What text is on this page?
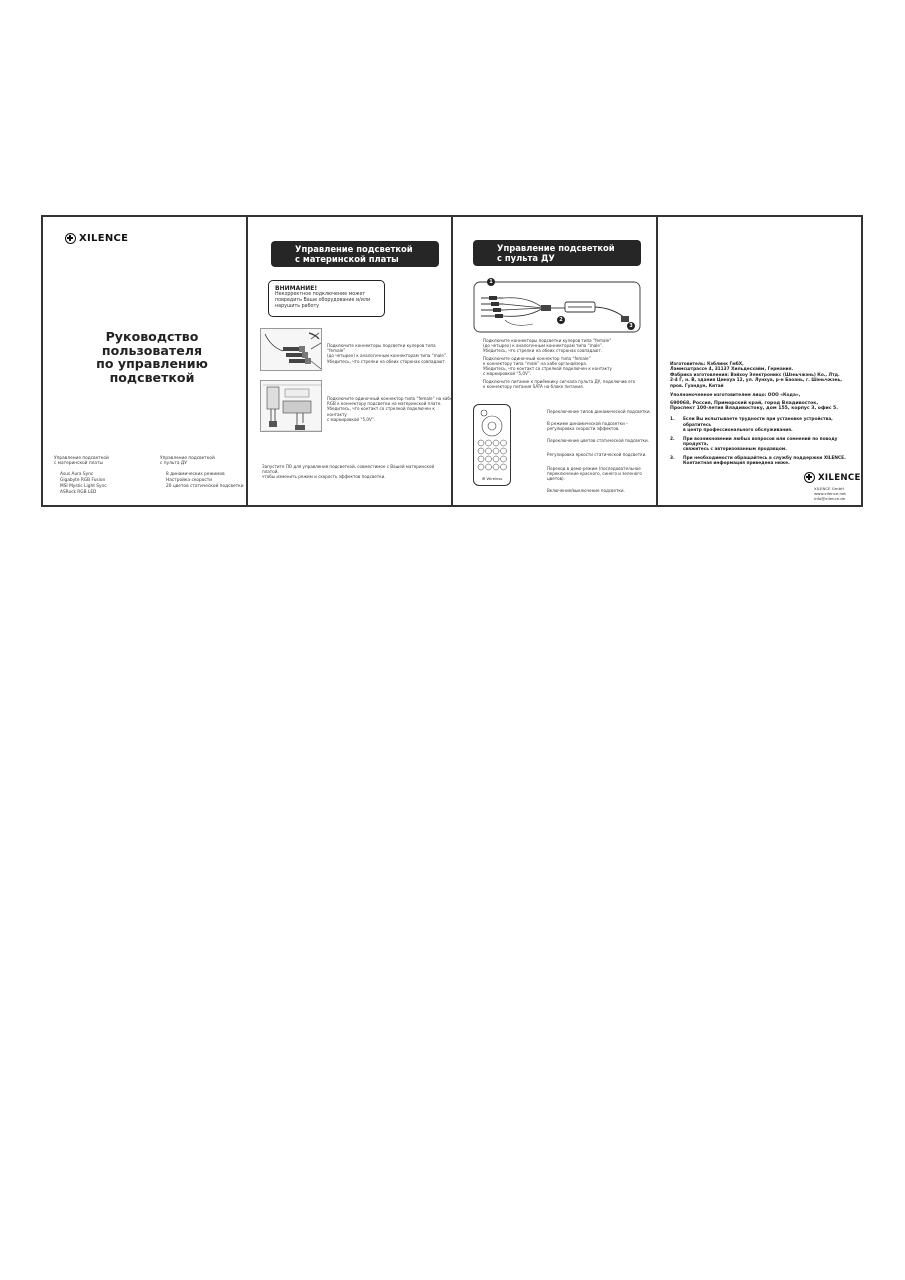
XILENCE
Руководство
пользователя
по управлению
подсветкой
Управление подсветкой
с материнской платы
Asus Aura Sync
Gigabyte RGB Fusion
MSI Mystic Light Sync
ASRock RGB LED
Управление подсветкой
с пульта ДУ
8 динамических режимов
Настройка скорости
20 цветов статической подсветки
Управление подсветкой
с материнской платы
ВНИМАНИЕ!
Некорректное подключение может
повредить Ваше оборудование и/или
нарушить работу
Подключите коннекторы подсветки кулеров типа “female”
(до четырех) к аналогичным коннекторам типа “male”.
Убедитесь, что стрелки на обеих сторонах совпадают.
Подключите одиночный коннектор типа “female” на хабе
RGB к коннектору подсветки на материнской плате.
Убедитесь, что контакт со стрелкой подключен к контакту
с маркировкой “5,0V”.
Запустите ПО для управления подсветкой, совместимое с Вашей материнской платой,
чтобы изменить режим и скорость эффектов подсветки.
Управление подсветкой
с пульта ДУ
1
2
3
Подключите коннекторы подсветки кулеров типа “female”
(до четырех) к аналогичным коннекторам типа “male”.
Убедитесь, что стрелки на обеих сторонах совпадают.
Подключите одиночный коннектор типа “female”
к коннектору типа “male” на хабе органайзера.
Убедитесь, что контакт со стрелкой подключен к контакту
с маркировкой “5,0V”.
Подключите питание к приёмнику сигнала пульта ДУ, подключив его
к коннектору питания SATA на блоке питания.
IR Wireless
Переключение типов динамической подсветки.
В режиме динамической подсветки –
регулировка скорости эффектов.
Переключение цветов статической подсветки.
Регулировка яркости статической подсветки.
Переход в демо-режим (последовательное
переключение красного, синего и зеленого цветов).
Включение/выключение подсветки.

Изготовитель: Кэблинк ГмбХ,
Ламмсштрассе 4, 31137 Хильдесхайм, Германия.
Фабрика изготовления: Вэйхоу Электроникс (Шэньчжэнь) Ко., Лтд.
2-4 Г, н. В, здания Цинхуа 12, ул. Лунхуа, р-н Баоань, г. Шэньчжэнь,
пров. Гуандун, Китай

Уполномоченное изготовителем лицо: ООО «Кода»,

690068, Россия, Приморский край, город Владивосток,
Проспект 100-летия Владивостоку, дом 155, корпус 3, офис 5.

1.	Если Вы испытываете трудности при установке устройства, обратитесь
в центр профессионального обслуживания.
2.	При возникновении любых вопросов или сомнений по поводу продукта,
свяжитесь с авторизованным продавцом.
3.	При необходимости обращайтесь в службу поддержки XILENCE.
Контактная информация приведена ниже.
XILENCE
XILENCE GmbH
www.xilence.net
info@xilence.de
